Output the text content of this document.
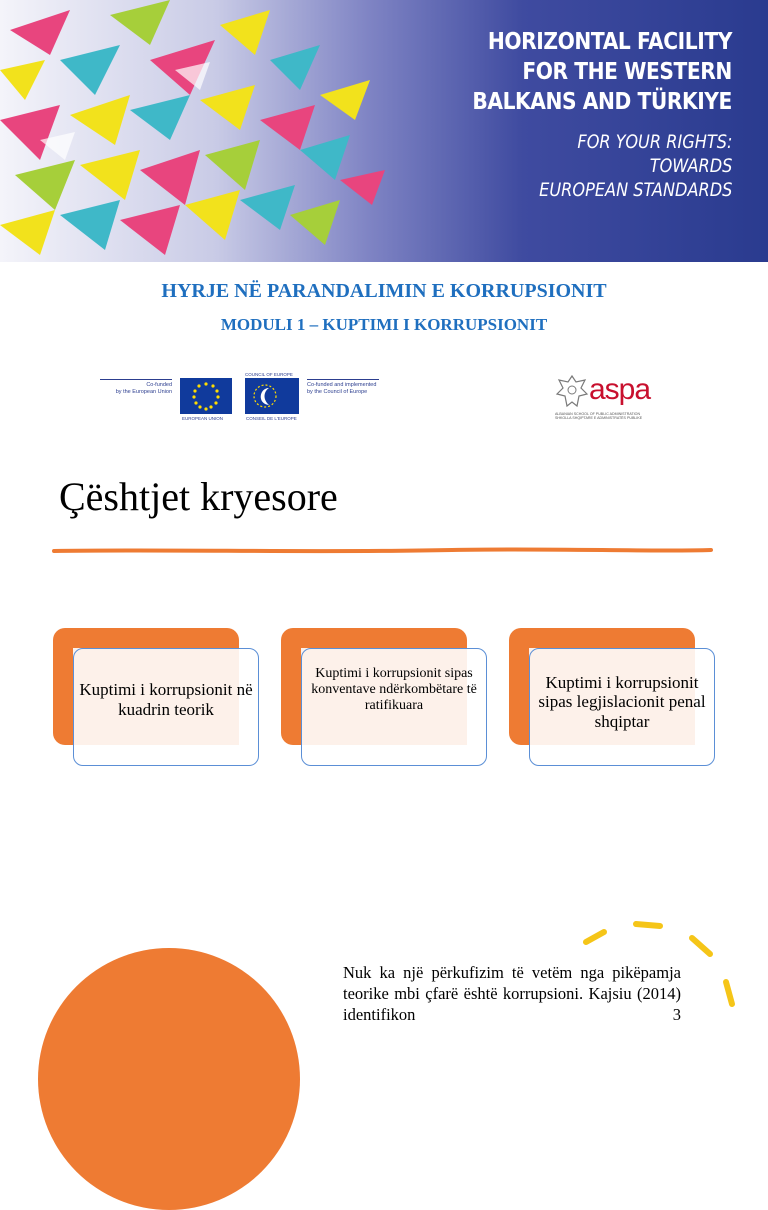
HORIZONTAL FACILITY
FOR THE WESTERN
BALKANS AND TÜRKIYE
FOR YOUR RIGHTS:
TOWARDS
EUROPEAN STANDARDS
HYRJE NË PARANDALIMIN E KORRUPSIONIT
MODULI 1 – KUPTIMI I KORRUPSIONIT
Co-funded
by the European Union
EUROPEAN UNION
COUNCIL OF EUROPE
CONSEIL DE L'EUROPE
Co-funded and implemented
by the Council of Europe	aspa
ALBANIAN SCHOOL OF PUBLIC ADMINISTRATION
SHKOLLA SHQIPTARE E ADMINISTRATËS PUBLIKE
Çështjet kryesore
Kuptimi i korrupsionit në kuadrin teorik
Kuptimi i korrupsionit sipas konventave ndërkombëtare të ratifikuara
Kuptimi i korrupsionit sipas legjislacionit penal shqiptar
Nuk ka një përkufizim të vetëm nga pikëpamja teorike mbi çfarë është korrupsioni. Kajsiu (2014) identifikon 3
